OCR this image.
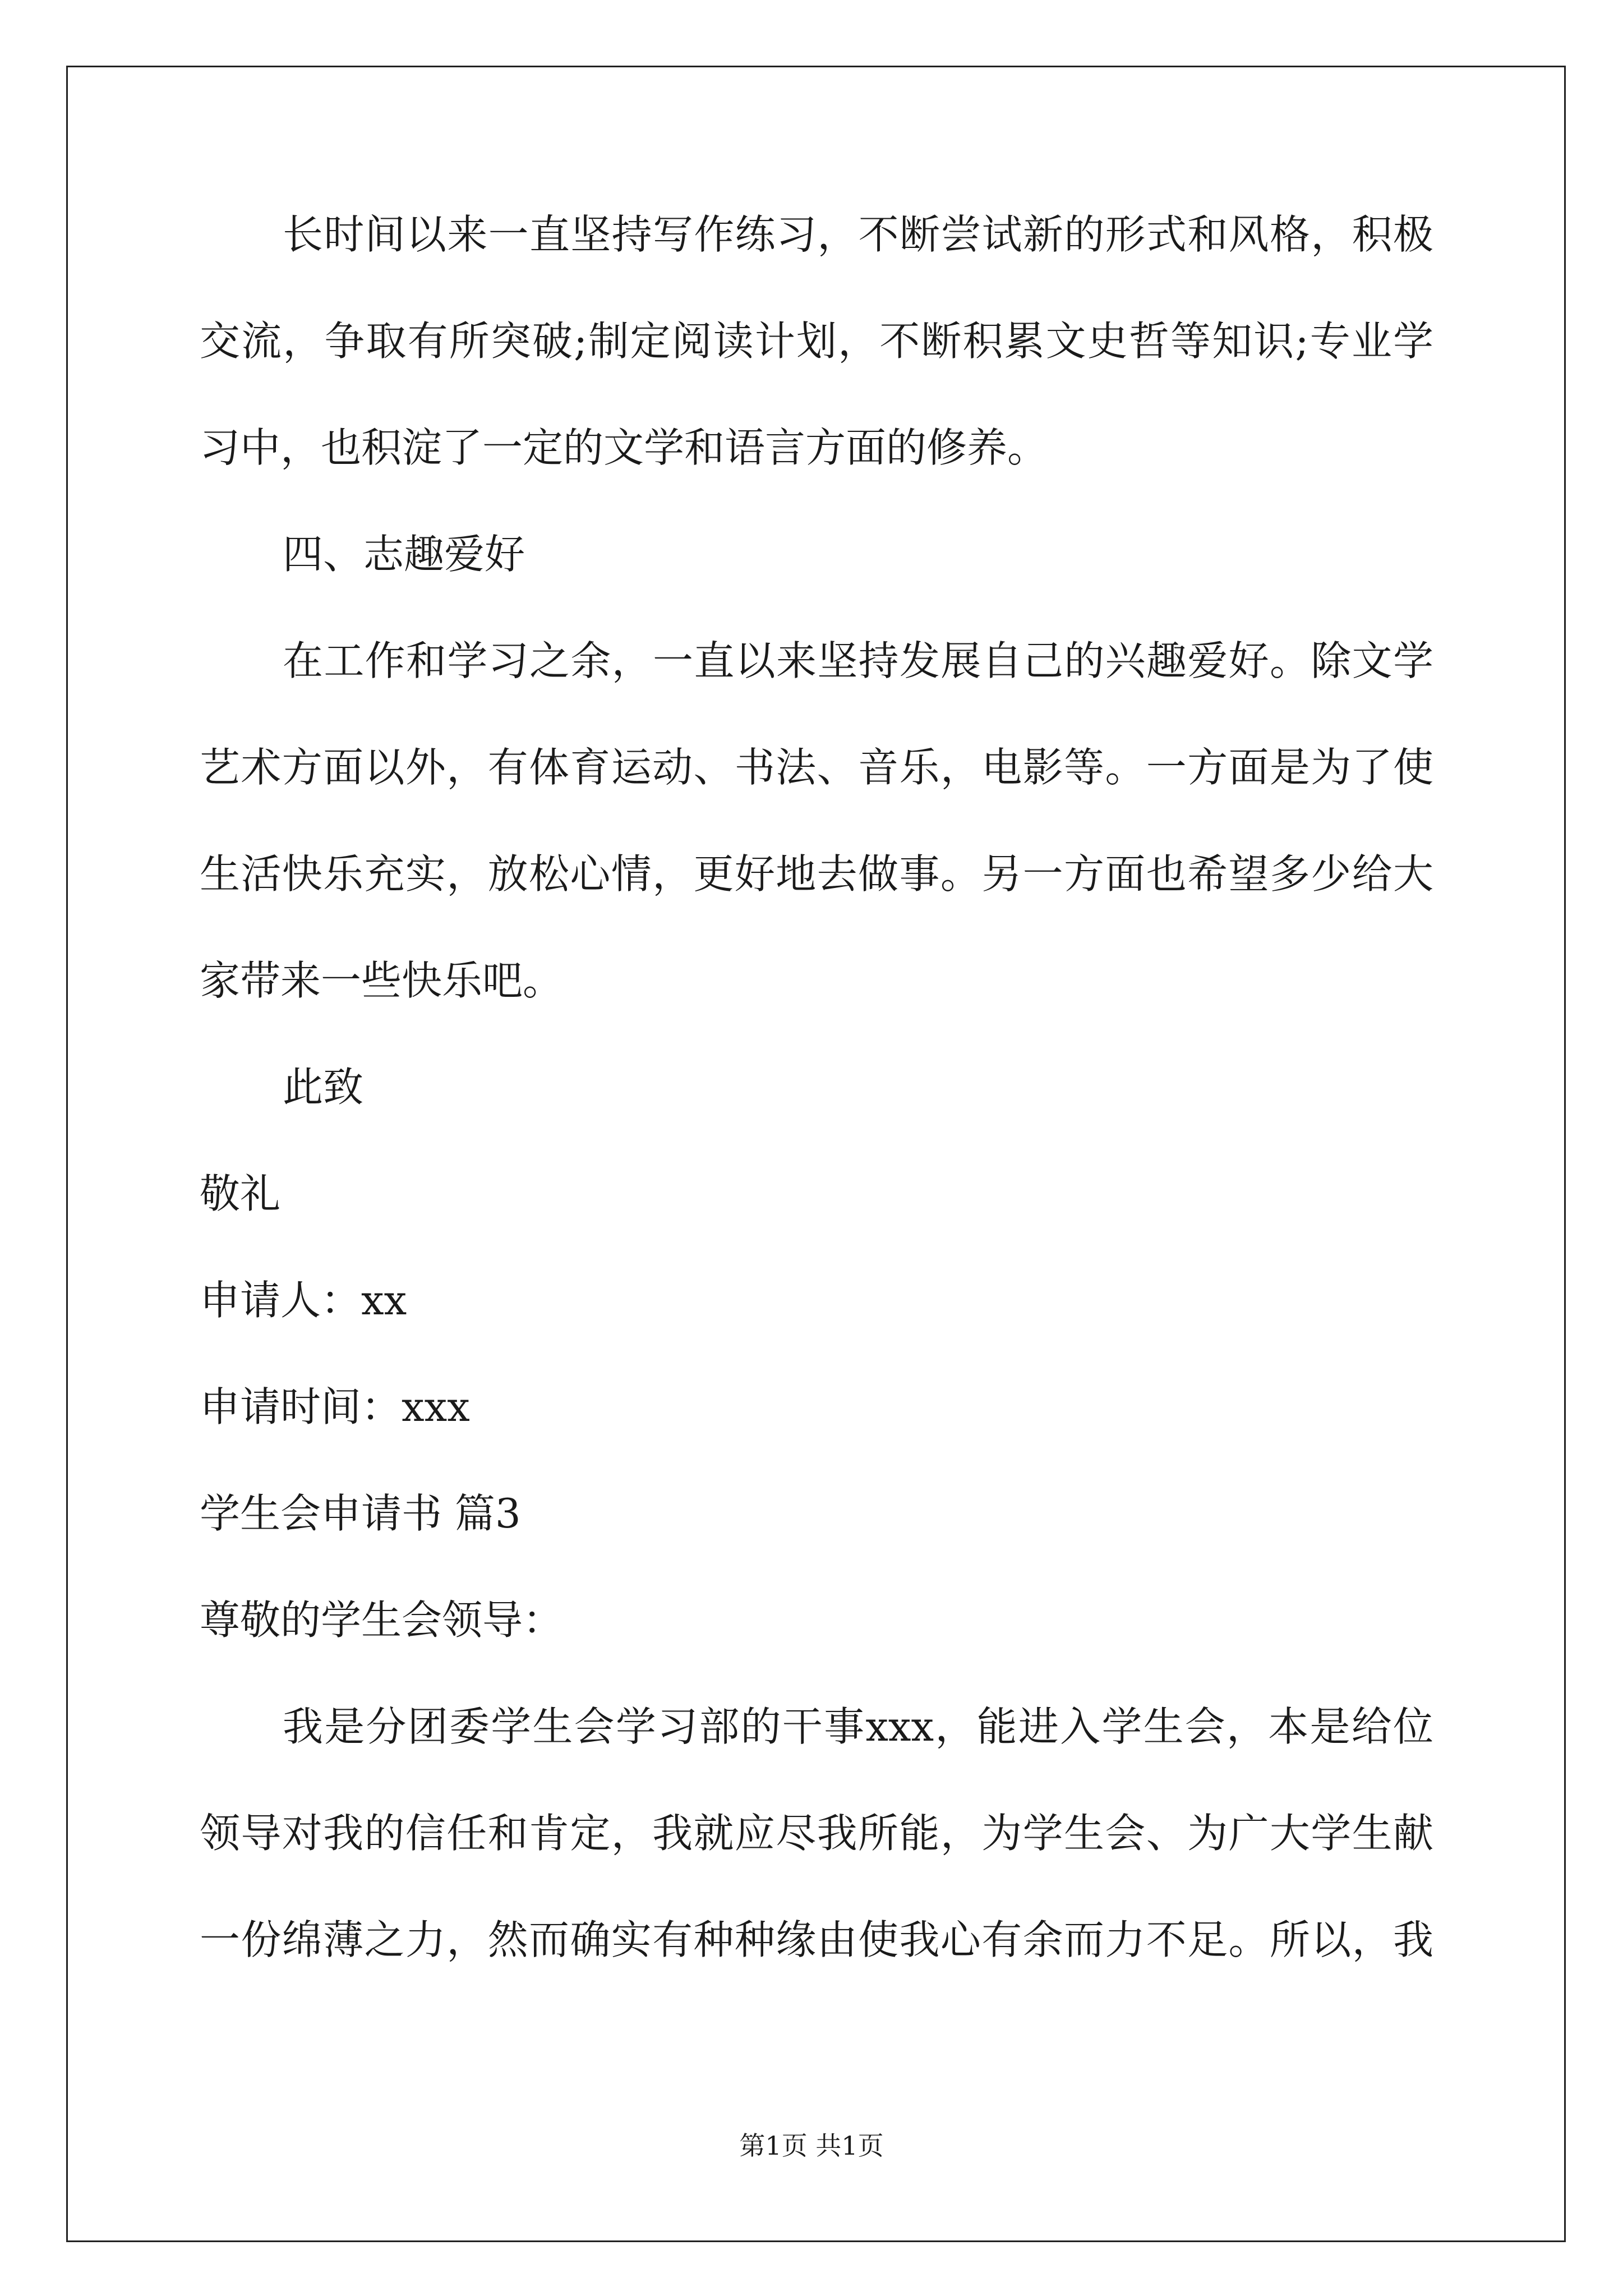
长时间以来一直坚持写作练习，不断尝试新的形式和风格，积极
交流，争取有所突破;制定阅读计划，不断积累文史哲等知识;专业学
习中，也积淀了一定的文学和语言方面的修养。
四、志趣爱好
在工作和学习之余，一直以来坚持发展自己的兴趣爱好。除文学
艺术方面以外，有体育运动、书法、音乐，电影等。一方面是为了使
生活快乐充实，放松心情，更好地去做事。另一方面也希望多少给大
家带来一些快乐吧。
此致
敬礼
申请人：xx
申请时间：xxx
学生会申请书 篇3
尊敬的学生会领导：
我是分团委学生会学习部的干事xxx，能进入学生会，本是给位
领导对我的信任和肯定，我就应尽我所能，为学生会、为广大学生献
一份绵薄之力，然而确实有种种缘由使我心有余而力不足。所以，我
第1页 共1页
